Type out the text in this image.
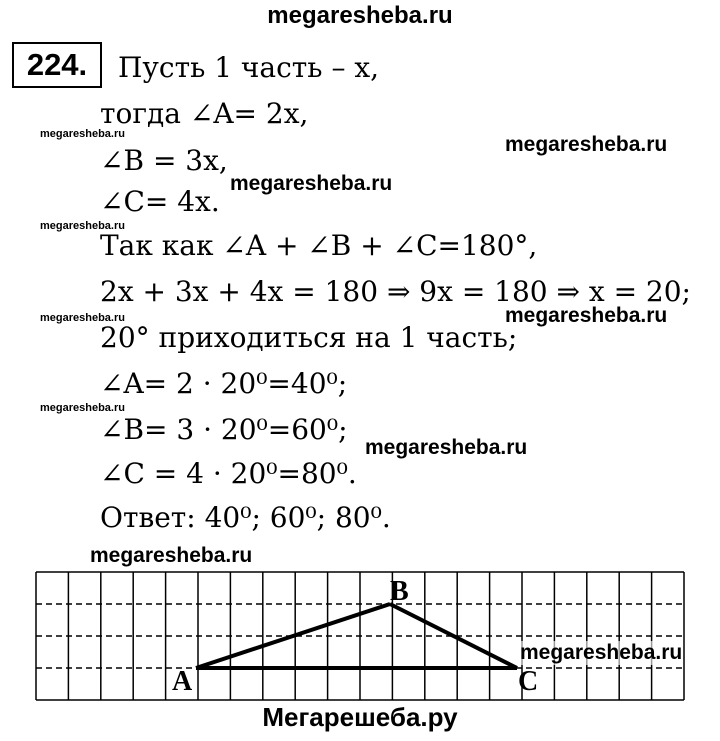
megaresheba.ru
224.	Пусть 1 часть – x,
тогда ∠A= 2x,
∠B = 3x,
∠C= 4x.
Так как ∠A + ∠B + ∠C=180°,
2x + 3x + 4x = 180 ⇒ 9x = 180 ⇒ x = 20;
20° приходиться на 1 часть;
∠A= 2 · 20⁰=40⁰;
∠B= 3 · 20⁰=60⁰;
∠C = 4 · 20⁰=80⁰.
Ответ: 40⁰; 60⁰; 80⁰.
megaresheba.ru
megaresheba.ru
megaresheba.ru
megaresheba.ru
megaresheba.ru
megaresheba.ru
megaresheba.ru
megaresheba.ru
megaresheba.ru
A
B
C
megaresheba.ru
Мегарешеба.ру
